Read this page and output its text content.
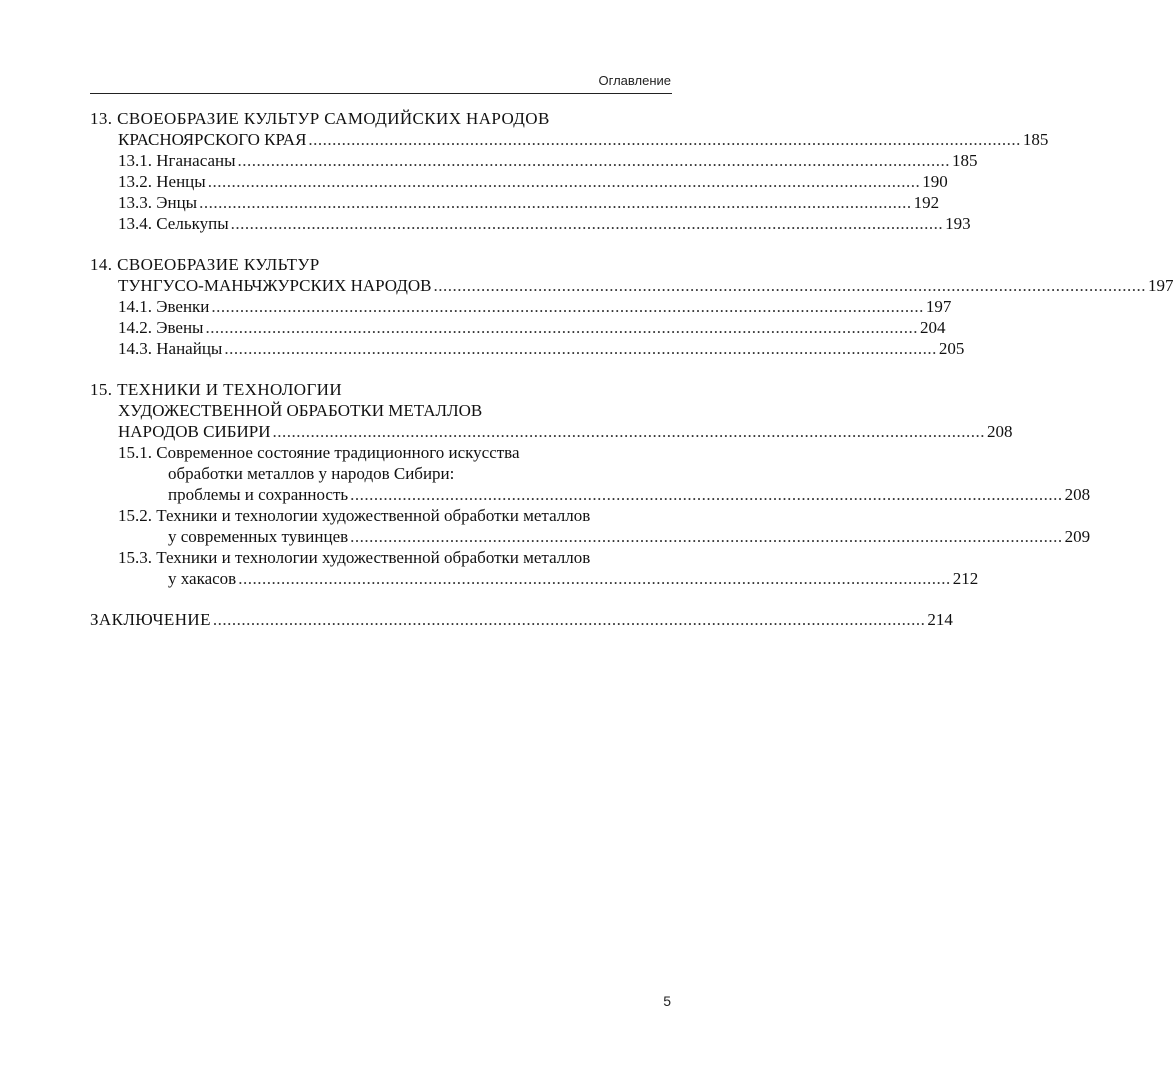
Оглавление
13. СВОЕОБРАЗИЕ КУЛЬТУР САМОДИЙСКИХ НАРОДОВ
КРАСНОЯРСКОГО КРАЯ ...................................................................................................................................................... 185
13.1. Нганасаны ...................................................................................................................................................... 185
13.2. Ненцы ...................................................................................................................................................... 190
13.3. Энцы ...................................................................................................................................................... 192
13.4. Селькупы ...................................................................................................................................................... 193
14. СВОЕОБРАЗИЕ КУЛЬТУР
ТУНГУСО-МАНЬЧЖУРСКИХ НАРОДОВ ...................................................................................................................................................... 197
14.1. Эвенки ...................................................................................................................................................... 197
14.2. Эвены ...................................................................................................................................................... 204
14.3. Нанайцы ...................................................................................................................................................... 205
15. ТЕХНИКИ И ТЕХНОЛОГИИ
ХУДОЖЕСТВЕННОЙ ОБРАБОТКИ МЕТАЛЛОВ
НАРОДОВ СИБИРИ ...................................................................................................................................................... 208
15.1. Современное состояние традиционного искусства
обработки металлов у народов Сибири:
проблемы и сохранность ...................................................................................................................................................... 208
15.2. Техники и технологии художественной обработки металлов
у современных тувинцев ...................................................................................................................................................... 209
15.3. Техники и технологии художественной обработки металлов
у хакасов ...................................................................................................................................................... 212
ЗАКЛЮЧЕНИЕ ...................................................................................................................................................... 214
5
